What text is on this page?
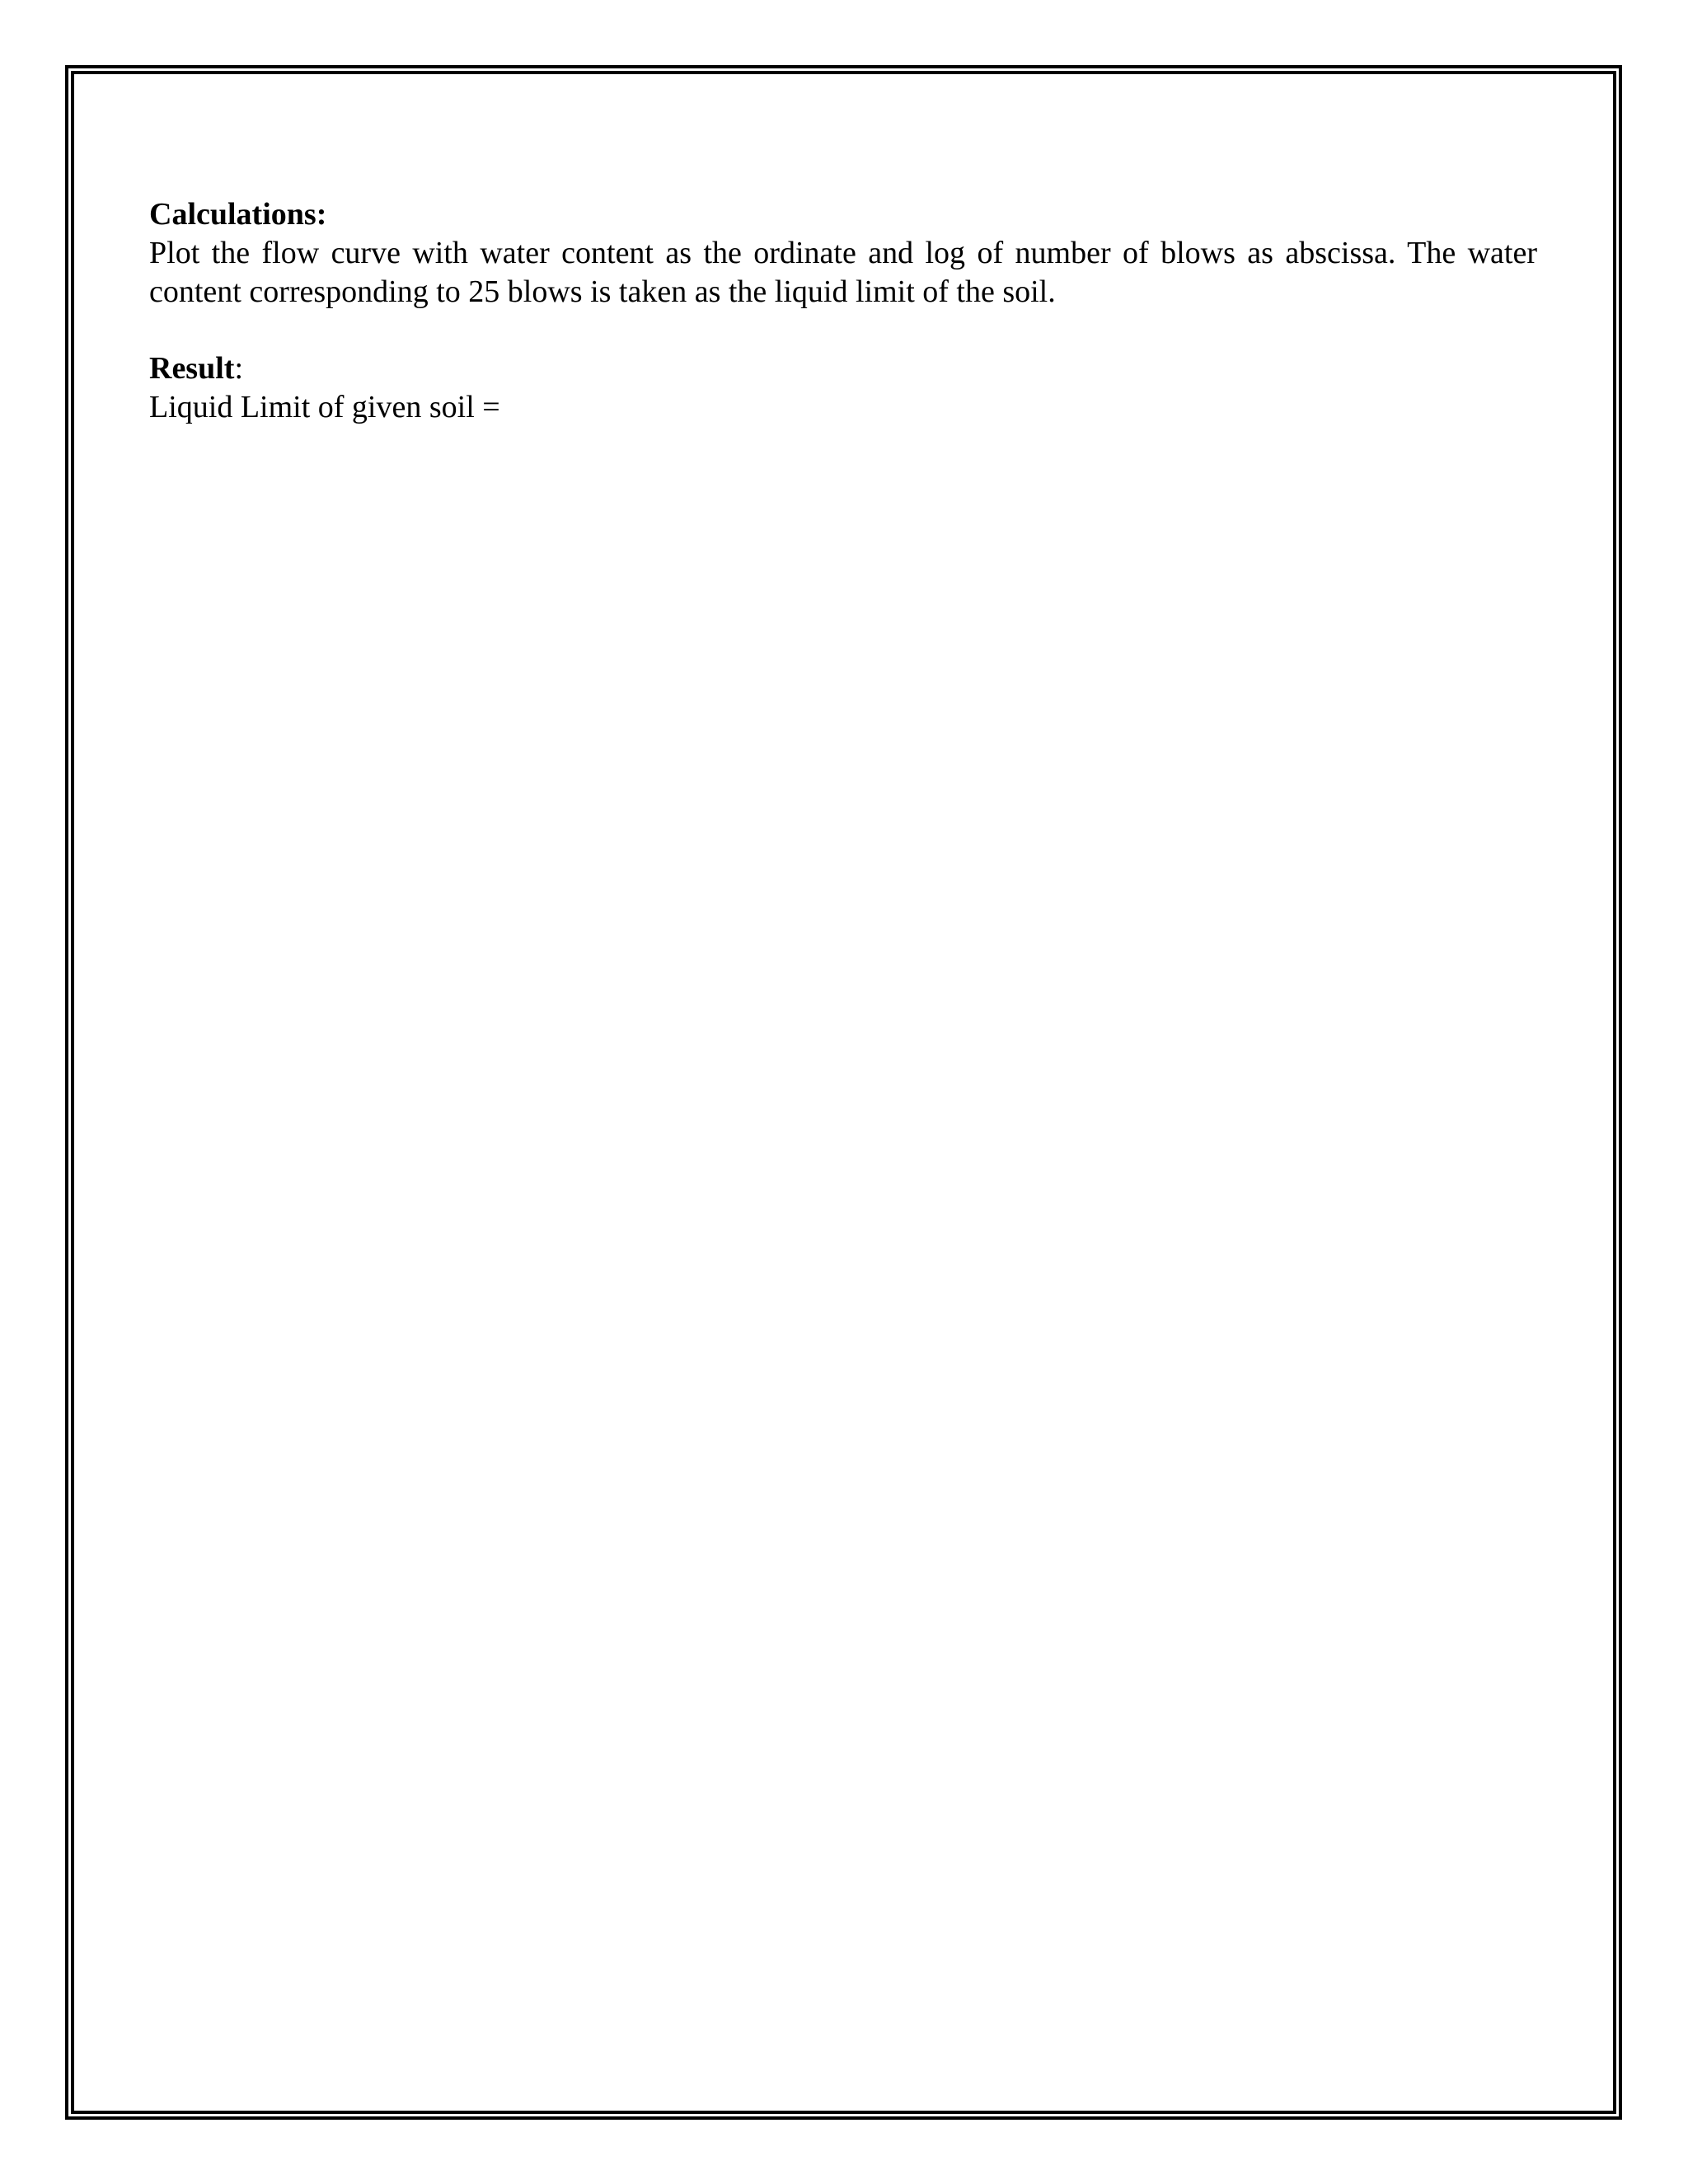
Calculations:

Plot the flow curve with water content as the ordinate and log of number of blows as abscissa. The water content corresponding to 25 blows is taken as the liquid limit of the soil.

Result:

Liquid Limit of given soil =
